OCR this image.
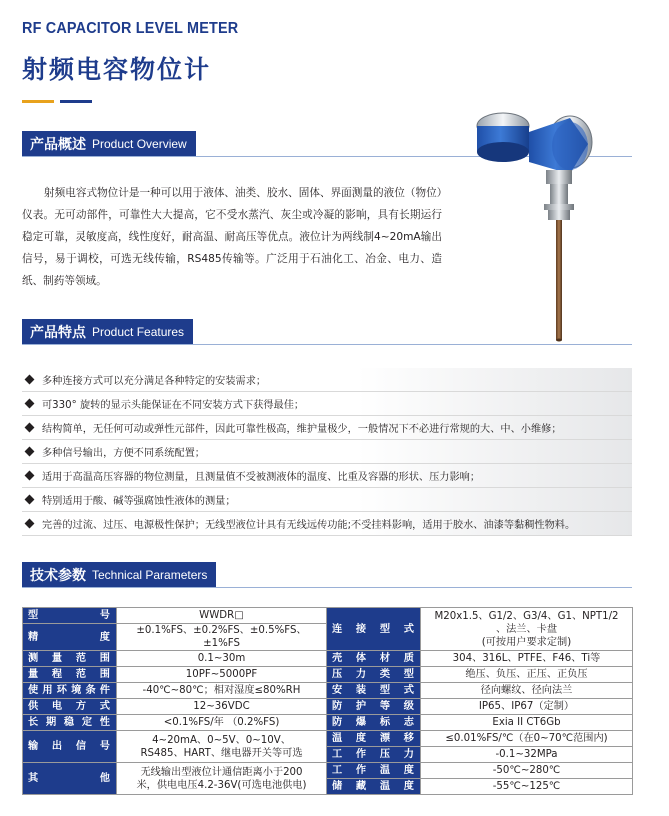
RF CAPACITOR LEVEL METER
射频电容物位计
产品概述 Product Overview
射频电容式物位计是一种可以用于液体、油类、胶水、固体、界面测量的液位（物位）仪表。无可动部件，可靠性大大提高，它不受水蒸汽、灰尘或冷凝的影响，具有长期运行稳定可靠，灵敏度高，线性度好，耐高温、耐高压等优点。液位计为两线制4~20mA输出信号，易于调校，可选无线传输，RS485传输等。广泛用于石油化工、冶金、电力、造纸、制药等领域。
产品特点 Product Features
多种连接方式可以充分满足各种特定的安装需求；
可330° 旋转的显示头能保证在不同安装方式下获得最佳；
结构简单，无任何可动或弹性元部件，因此可靠性极高，维护量极少，一般情况下不必进行常规的大、中、小维修；
多种信号输出，方便不同系统配置；
适用于高温高压容器的物位测量，且测量值不受被测液体的温度、比重及容器的形状、压力影响；
特别适用于酸、碱等强腐蚀性液体的测量；
完善的过流、过压、电源极性保护；无线型液位计具有无线远传功能;不受挂料影响，适用于胶水、油漆等黏稠性物料。
技术参数 Technical Parameters
型号	WWDR□	连接型式	M20x1.5、G1/2、G3/4、G1、NPT1/2
、法兰、卡盘
(可按用户要求定制)

精度	±0.1%FS、±0.2%FS、±0.5%FS、
±1%FS		

测量范围	0.1~30m	壳体材质	304、316L、PTFE、F46、Ti等
量程范围	10PF~5000PF	压力类型	绝压、负压、正压、正负压
使用环境条件	-40℃~80℃；相对湿度≤80%RH	安装型式	径向螺纹、径向法兰
供电方式	12~36VDC	防护等级	IP65、IP67（定制）
长期稳定性	<0.1%FS/年 （0.2%FS)	防爆标志	Exia II CT6Gb
输出信号	4~20mA、0~5V、0~10V、
RS485、HART、继电器开关等可选	温度漂移	≤0.01%FS/℃（在0~70℃范围内)
		工作压力	-0.1~32MPa
其他	无线输出型液位计通信距离小于200
米，供电电压4.2-36V(可选电池供电)	工作温度	-50℃~280℃
		储藏温度	-55℃~125℃
